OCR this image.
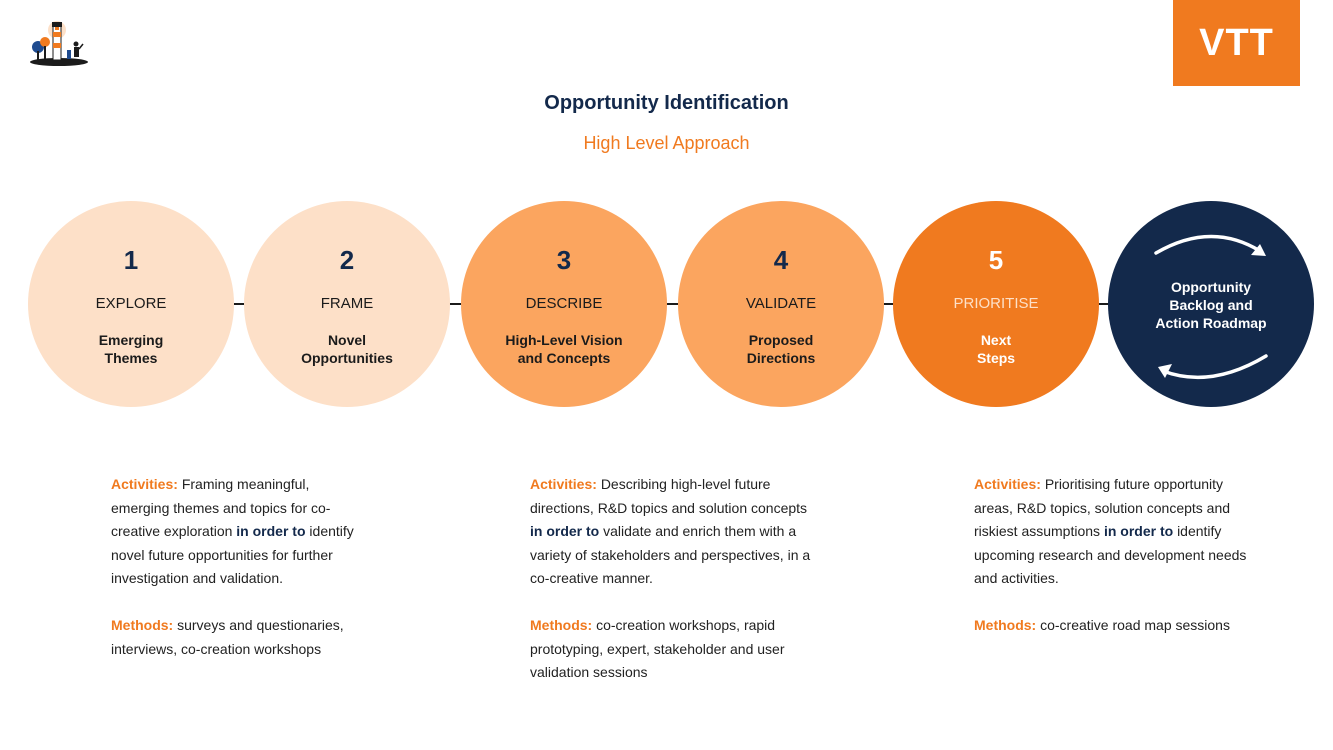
VTT
Opportunity Identification
High Level Approach
1
EXPLORE
Emerging
Themes
2
FRAME
Novel
Opportunities
3
DESCRIBE
High-Level Vision
and Concepts
4
VALIDATE
Proposed
Directions
5
PRIORITISE
Next
Steps
Opportunity
Backlog and
Action Roadmap

Activities: Framing meaningful, emerging themes and topics for co-creative exploration in order to identify novel future opportunities for further investigation and validation.

Methods: surveys and questionaries, interviews, co-creation workshops

Activities: Describing high-level future directions, R&D topics and solution concepts in order to validate and enrich them with a variety of stakeholders and perspectives, in a co-creative manner.

Methods: co-creation workshops, rapid prototyping, expert, stakeholder and user validation sessions

Activities: Prioritising future opportunity areas, R&D topics, solution concepts and riskiest assumptions in order to identify upcoming research and development needs and activities.

Methods: co-creative road map sessions
